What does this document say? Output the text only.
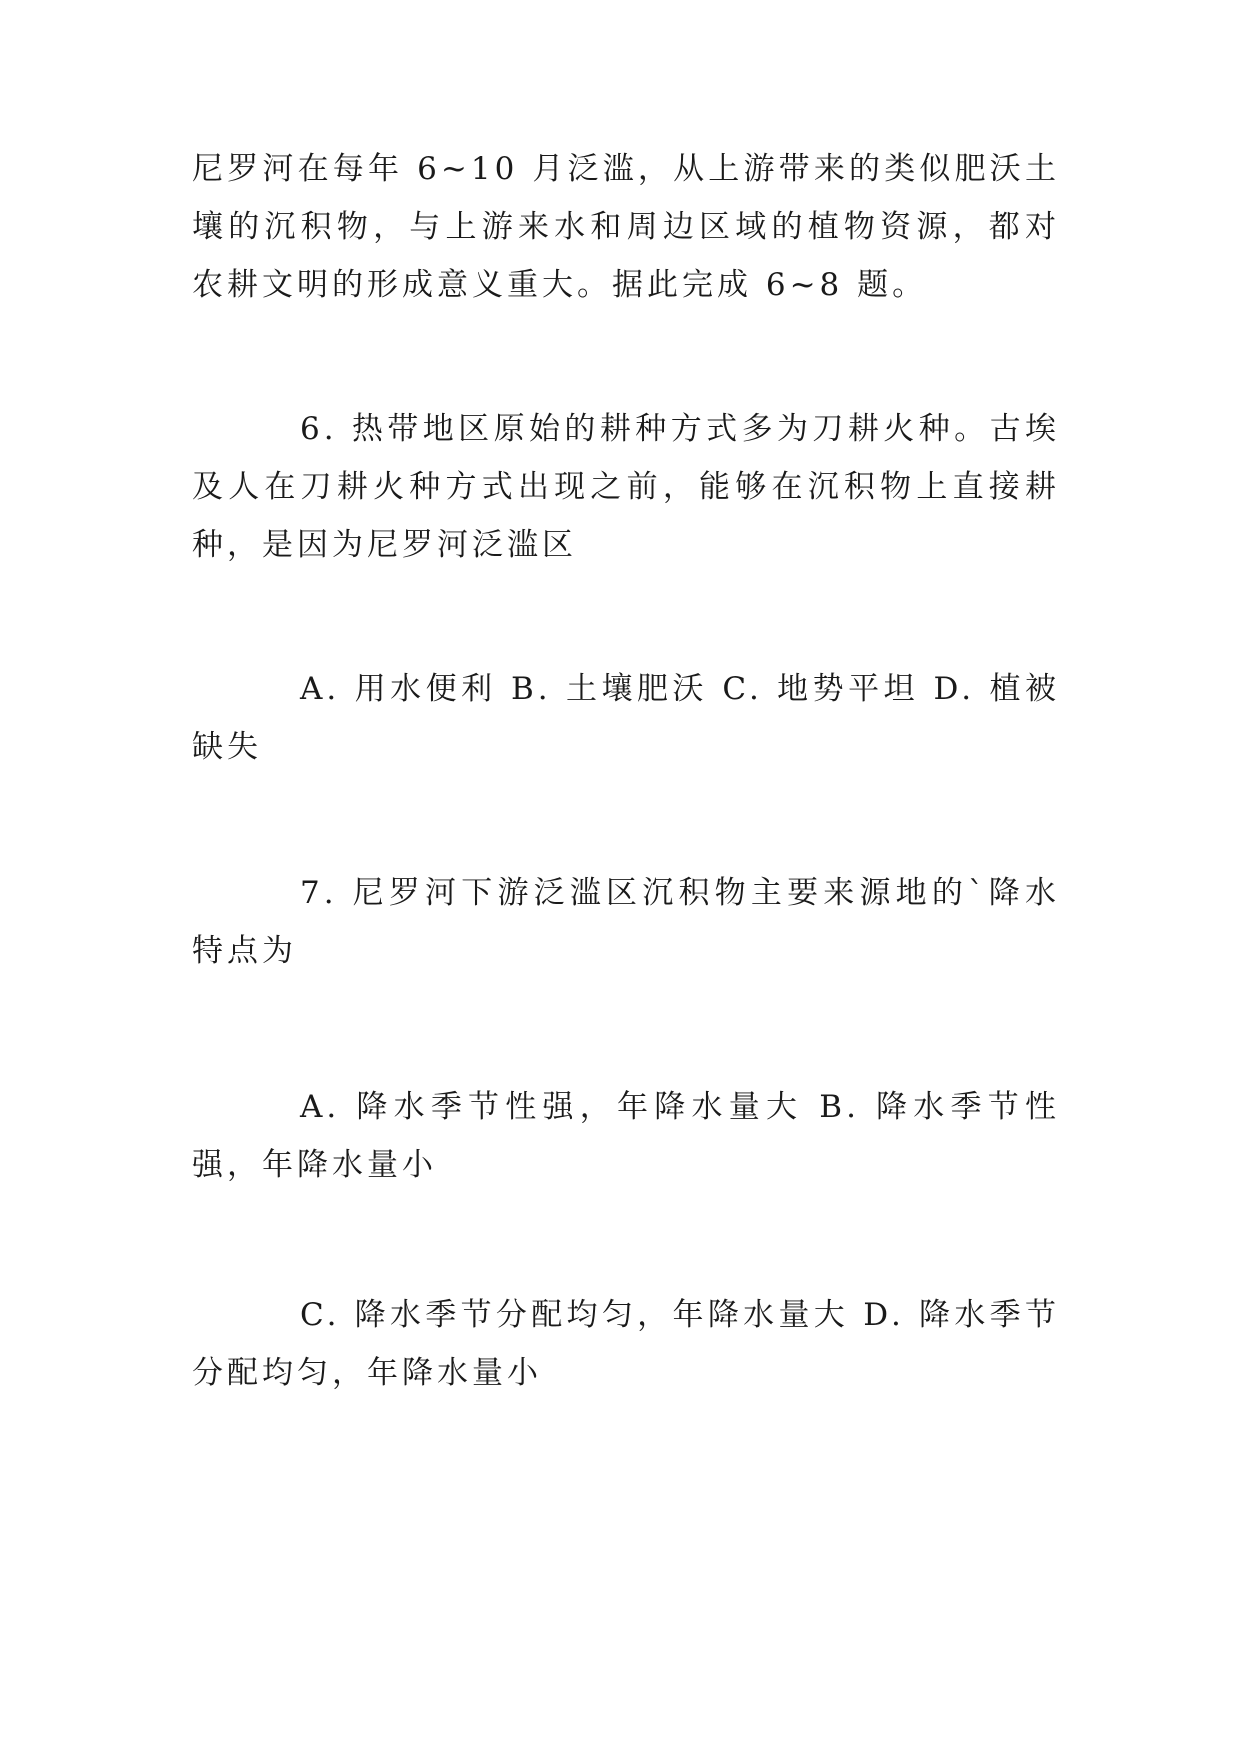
尼罗河在每年 6~10 月泛滥，从上游带来的类似肥沃土壤的沉积物，与上游来水和周边区域的植物资源，都对农耕文明的形成意义重大。据此完成 6~8 题。

6. 热带地区原始的耕种方式多为刀耕火种。古埃及人在刀耕火种方式出现之前，能够在沉积物上直接耕种，是因为尼罗河泛滥区

A. 用水便利 B. 土壤肥沃 C. 地势平坦 D. 植被缺失

7. 尼罗河下游泛滥区沉积物主要来源地的`降水特点为

A. 降水季节性强，年降水量大 B. 降水季节性强，年降水量小

C. 降水季节分配均匀，年降水量大 D. 降水季节分配均匀，年降水量小
